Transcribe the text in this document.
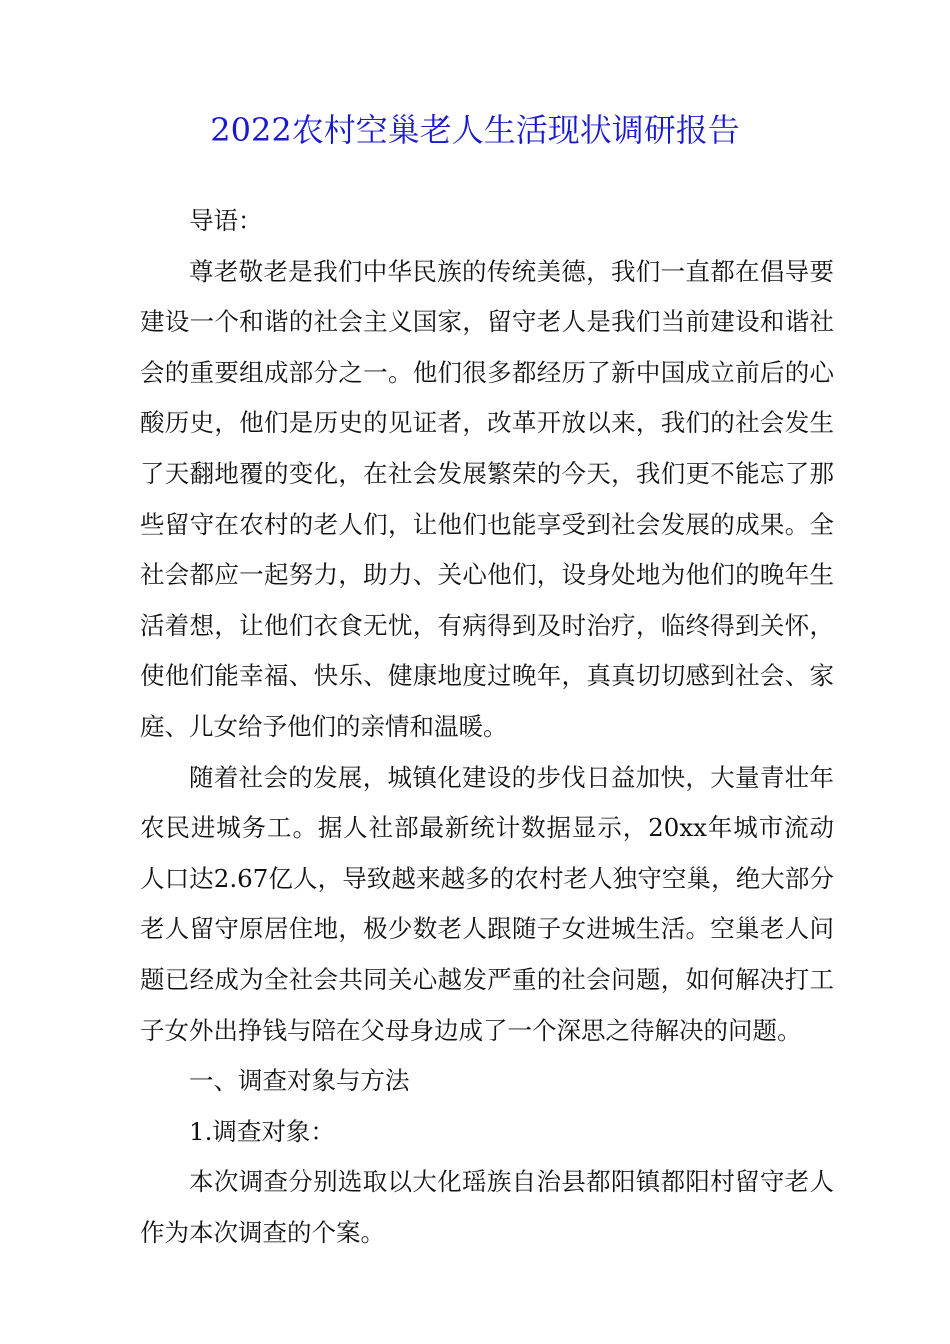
2022农村空巢老人生活现状调研报告

导语：

尊老敬老是我们中华民族的传统美德，我们一直都在倡导要建设一个和谐的社会主义国家，留守老人是我们当前建设和谐社会的重要组成部分之一。他们很多都经历了新中国成立前后的心酸历史，他们是历史的见证者，改革开放以来，我们的社会发生了天翻地覆的变化，在社会发展繁荣的今天，我们更不能忘了那些留守在农村的老人们，让他们也能享受到社会发展的成果。全社会都应一起努力，助力、关心他们，设身处地为他们的晚年生活着想，让他们衣食无忧，有病得到及时治疗，临终得到关怀，使他们能幸福、快乐、健康地度过晚年，真真切切感到社会、家庭、儿女给予他们的亲情和温暖。

随着社会的发展，城镇化建设的步伐日益加快，大量青壮年农民进城务工。据人社部最新统计数据显示，20xx年城市流动人口达2.67亿人，导致越来越多的农村老人独守空巢，绝大部分老人留守原居住地，极少数老人跟随子女进城生活。空巢老人问题已经成为全社会共同关心越发严重的社会问题，如何解决打工子女外出挣钱与陪在父母身边成了一个深思之待解决的问题。

一、调查对象与方法

1.调查对象：

本次调查分别选取以大化瑶族自治县都阳镇都阳村留守老人作为本次调查的个案。
